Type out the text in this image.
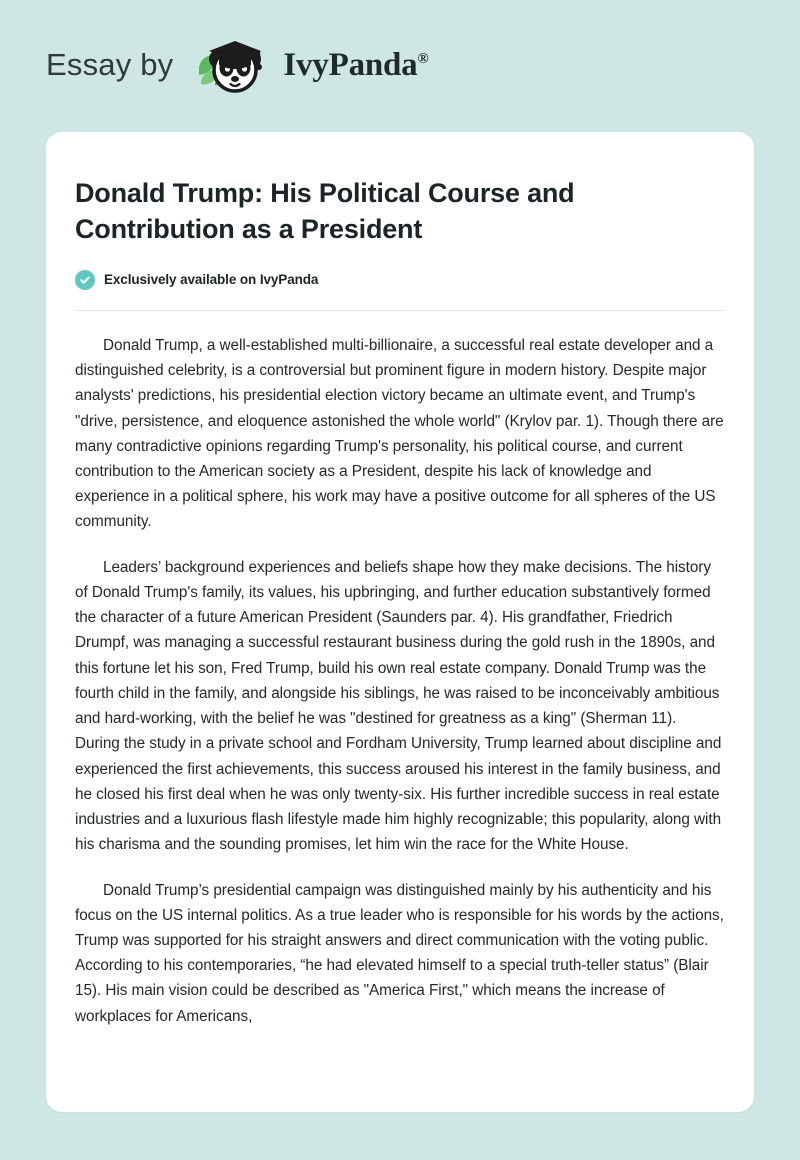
Essay by	IvyPanda®
Donald Trump: His Political Course and Contribution as a President
Exclusively available on IvyPanda

Donald Trump, a well-established multi-billionaire, a successful real estate developer and a distinguished celebrity, is a controversial but prominent figure in modern history. Despite major analysts' predictions, his presidential election victory became an ultimate event, and Trump's "drive, persistence, and eloquence astonished the whole world" (Krylov par. 1). Though there are many contradictive opinions regarding Trump's personality, his political course, and current contribution to the American society as a President, despite his lack of knowledge and experience in a political sphere, his work may have a positive outcome for all spheres of the US community.

Leaders’ background experiences and beliefs shape how they make decisions. The history of Donald Trump's family, its values, his upbringing, and further education substantively formed the character of a future American President (Saunders par. 4). His grandfather, Friedrich Drumpf, was managing a successful restaurant business during the gold rush in the 1890s, and this fortune let his son, Fred Trump, build his own real estate company. Donald Trump was the fourth child in the family, and alongside his siblings, he was raised to be inconceivably ambitious and hard-working, with the belief he was "destined for greatness as a king" (Sherman 11). During the study in a private school and Fordham University, Trump learned about discipline and experienced the first achievements, this success aroused his interest in the family business, and he closed his first deal when he was only twenty-six. His further incredible success in real estate industries and a luxurious flash lifestyle made him highly recognizable; this popularity, along with his charisma and the sounding promises, let him win the race for the White House.

Donald Trump’s presidential campaign was distinguished mainly by his authenticity and his focus on the US internal politics. As a true leader who is responsible for his words by the actions, Trump was supported for his straight answers and direct communication with the voting public. According to his contemporaries, “he had elevated himself to a special truth-teller status” (Blair 15). His main vision could be described as "America First," which means the increase of workplaces for Americans,
